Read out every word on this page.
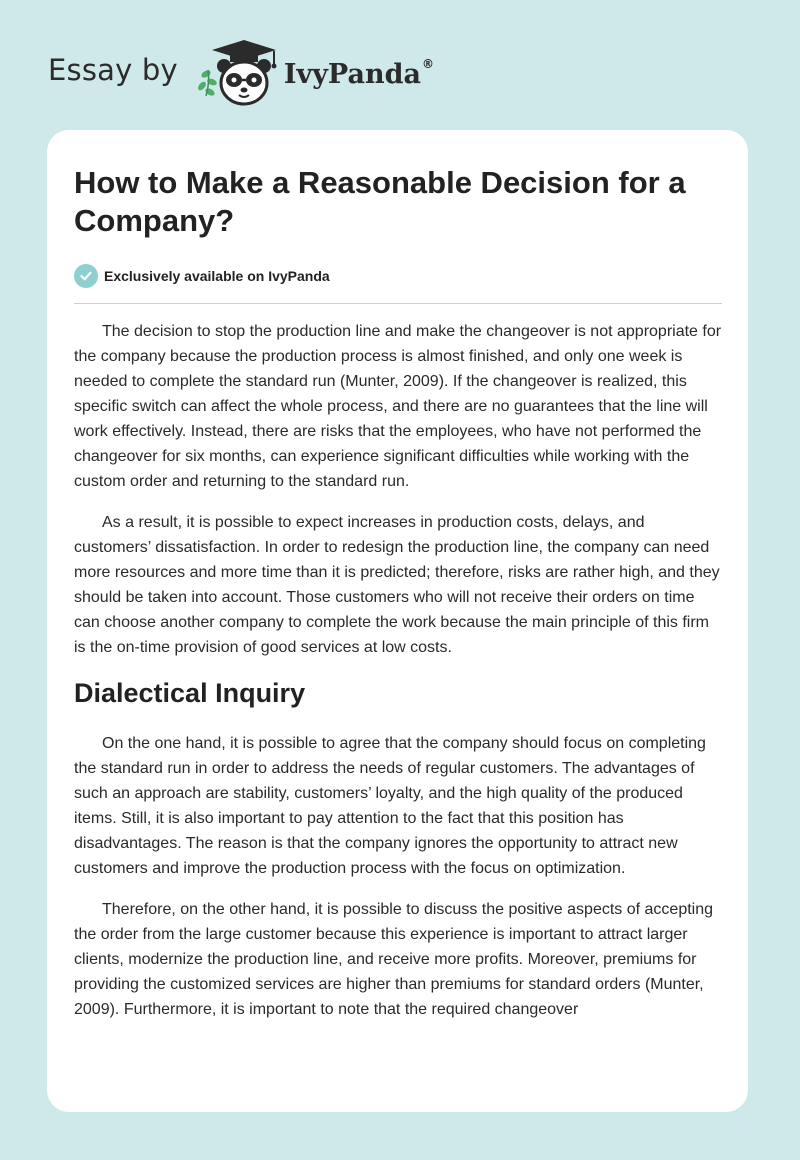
Essay by	IvyPanda ®
How to Make a Reasonable Decision for a Company?
Exclusively available on IvyPanda

The decision to stop the production line and make the changeover is not appropriate for the company because the production process is almost finished, and only one week is needed to complete the standard run (Munter, 2009). If the changeover is realized, this specific switch can affect the whole process, and there are no guarantees that the line will work effectively. Instead, there are risks that the employees, who have not performed the changeover for six months, can experience significant difficulties while working with the custom order and returning to the standard run.

As a result, it is possible to expect increases in production costs, delays, and customers’ dissatisfaction. In order to redesign the production line, the company can need more resources and more time than it is predicted; therefore, risks are rather high, and they should be taken into account. Those customers who will not receive their orders on time can choose another company to complete the work because the main principle of this firm is the on-time provision of good services at low costs.

Dialectical Inquiry

On the one hand, it is possible to agree that the company should focus on completing the standard run in order to address the needs of regular customers. The advantages of such an approach are stability, customers’ loyalty, and the high quality of the produced items. Still, it is also important to pay attention to the fact that this position has disadvantages. The reason is that the company ignores the opportunity to attract new customers and improve the production process with the focus on optimization.

Therefore, on the other hand, it is possible to discuss the positive aspects of accepting the order from the large customer because this experience is important to attract larger clients, modernize the production line, and receive more profits. Moreover, premiums for providing the customized services are higher than premiums for standard orders (Munter, 2009). Furthermore, it is important to note that the required changeover
